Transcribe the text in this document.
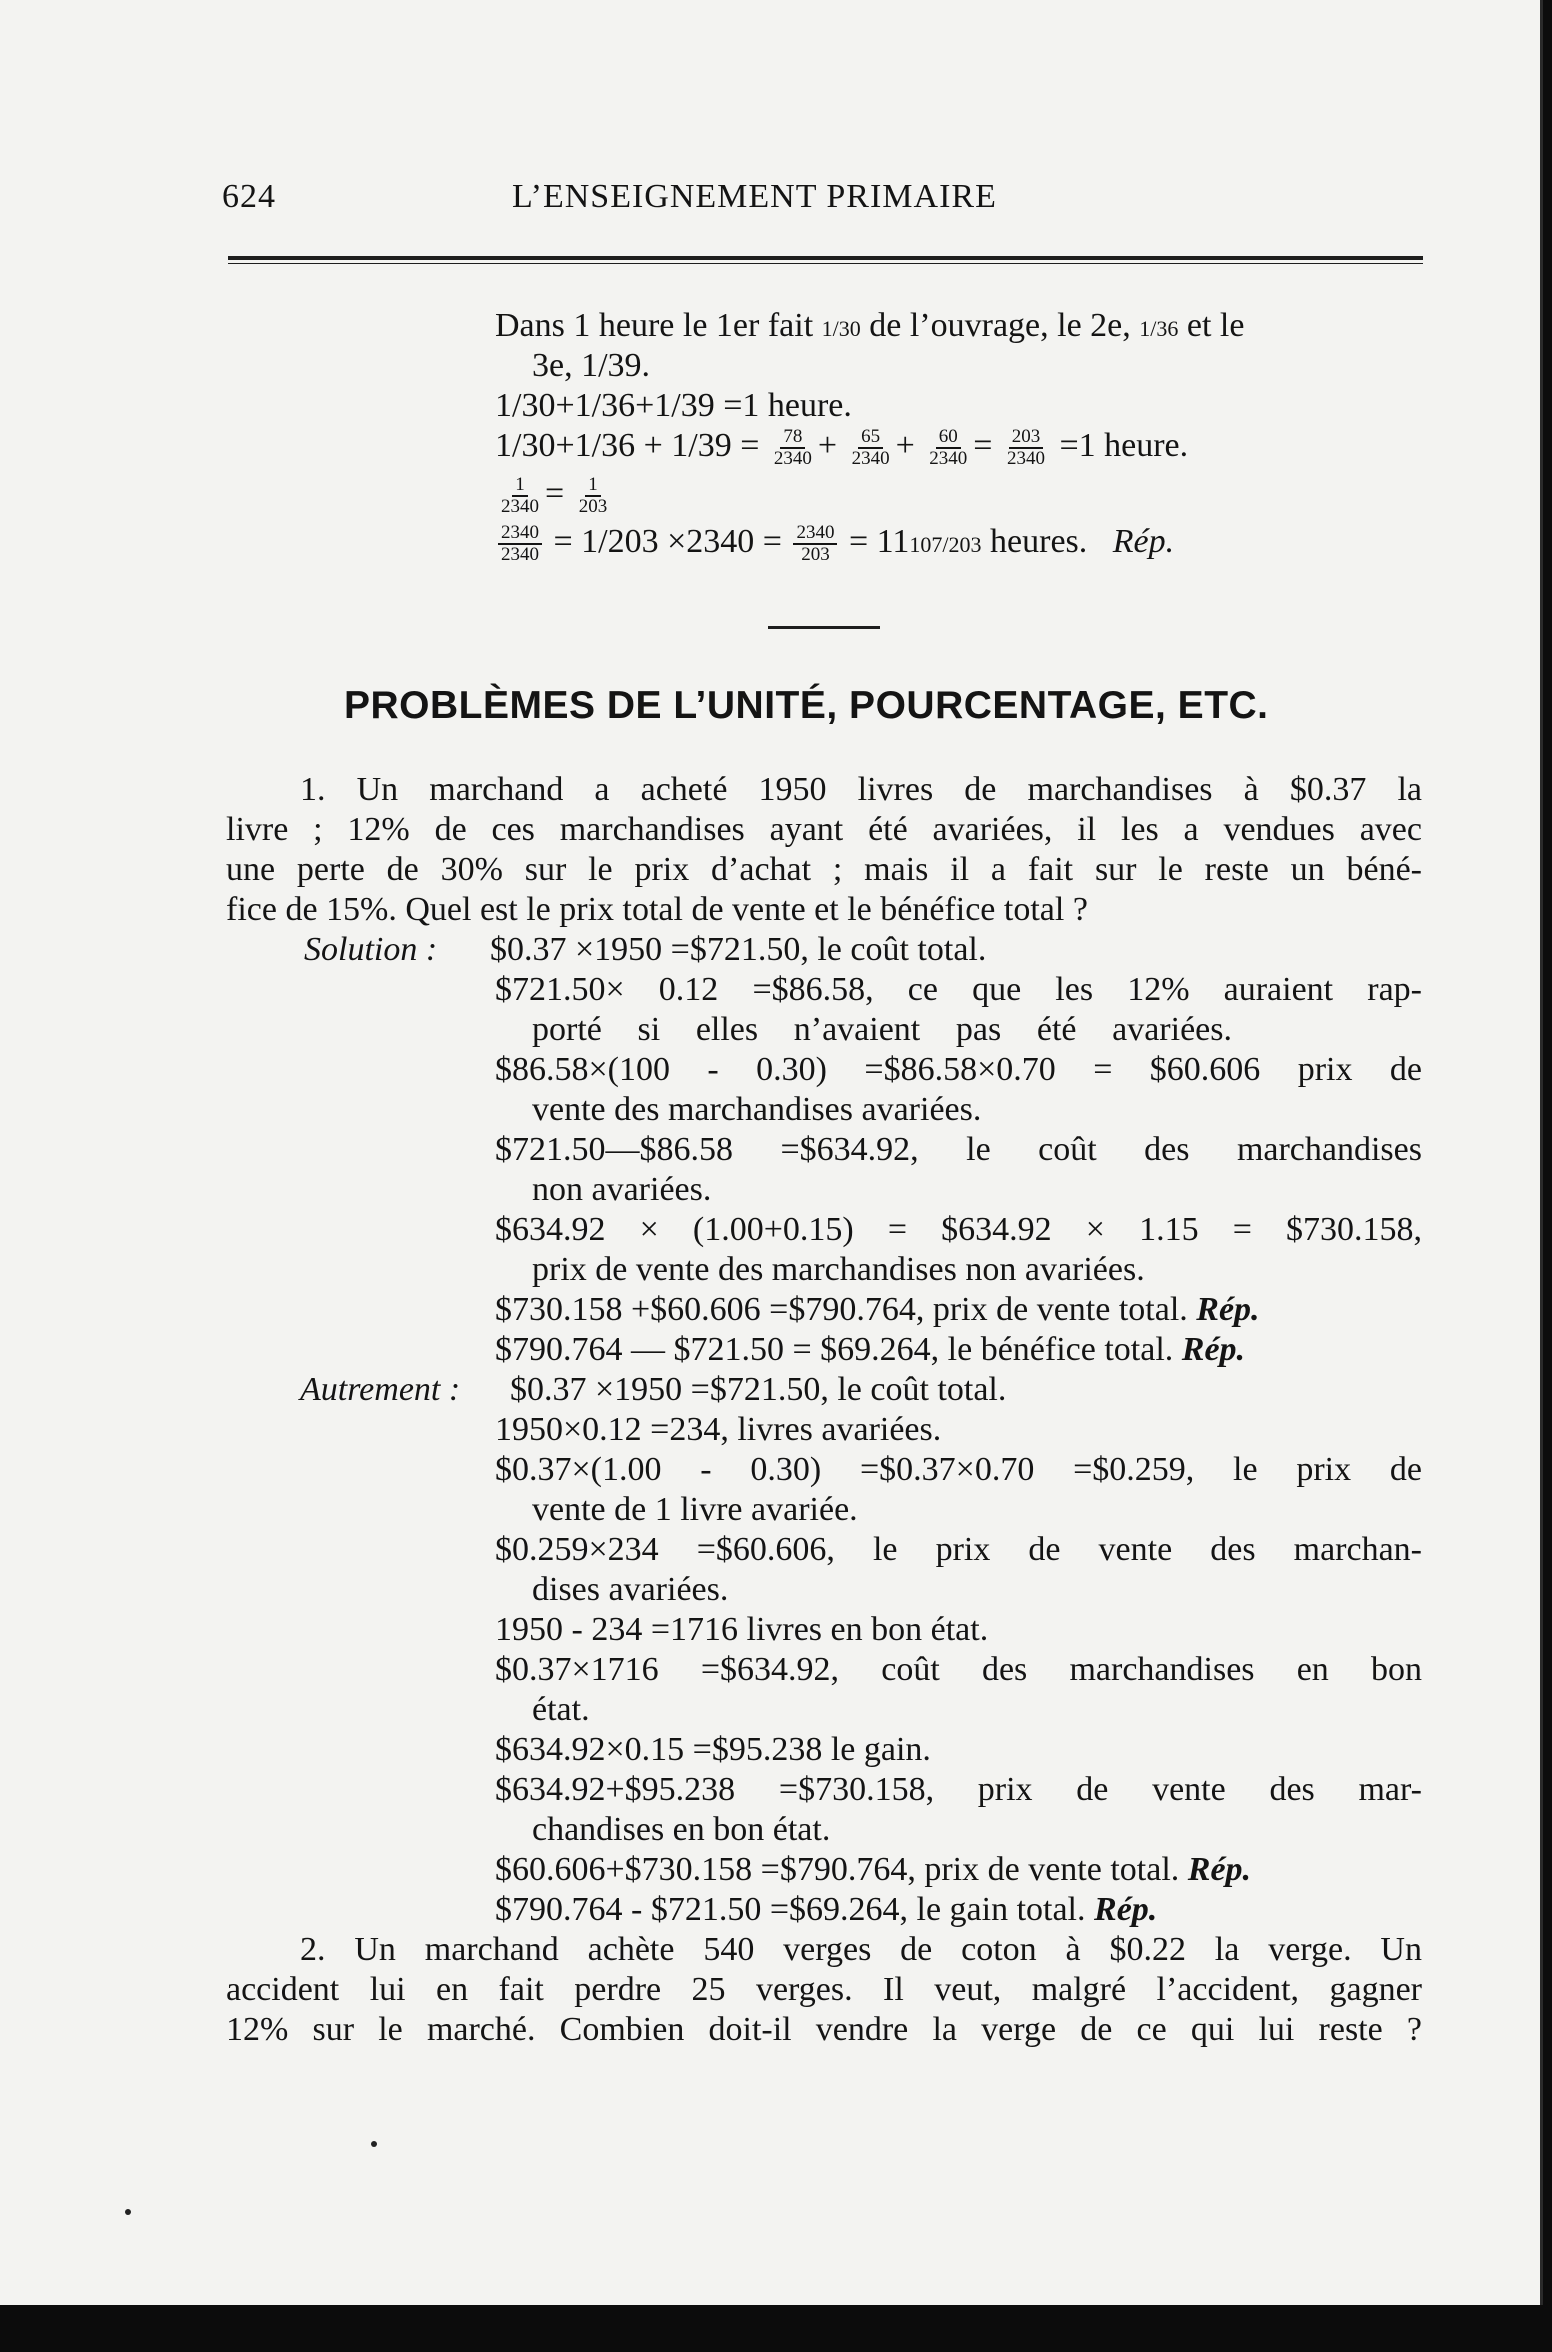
624	L’ENSEIGNEMENT PRIMAIRE
Dans 1 heure le 1er fait 1/30 de l’ouvrage, le 2e, 1/36 et le
3e, 1/39.
1/30+1/36+1/39 =1 heure.
$1/30+1/36 + 1/39 = \frac{78}{2340} + \frac{65}{2340} + \frac{60}{2340} = \frac{203}{2340} =1$ heure.
$\frac{1}{2340} = \frac{1}{203}$
$\frac{2340}{2340} = 1/203 \times 2340 = \frac{2340}{203} = 11107/203$ heures. Rép.
PROBLÈMES DE L’UNITÉ, POURCENTAGE, ETC.
1. Un marchand a acheté 1950 livres de marchandises à $0.37 la
livre ; 12% de ces marchandises ayant été avariées, il les a vendues avec
une perte de 30% sur le prix d’achat ; mais il a fait sur le reste un béné-
fice de 15%. Quel est le prix total de vente et le bénéfice total ?
Solution : $0.37 ×1950 =$721.50, le coût total.
$721.50× 0.12 =$86.58, ce que les 12% auraient rap-
porté si elles n’avaient pas été avariées.
$86.58×(100 - 0.30) =$86.58×0.70 = $60.606 prix de
vente des marchandises avariées.
$721.50—$86.58 =$634.92, le coût des marchandises
non avariées.
$634.92 × (1.00+0.15) = $634.92 × 1.15 = $730.158,
prix de vente des marchandises non avariées.
$730.158 +$60.606 =$790.764, prix de vente total. Rép.
$790.764 — $721.50 = $69.264, le bénéfice total. Rép.
Autrement : $0.37 ×1950 =$721.50, le coût total.
1950×0.12 =234, livres avariées.
$0.37×(1.00 - 0.30) =$0.37×0.70 =$0.259, le prix de
vente de 1 livre avariée.
$0.259×234 =$60.606, le prix de vente des marchan-
dises avariées.
1950 - 234 =1716 livres en bon état.
$0.37×1716 =$634.92, coût des marchandises en bon
état.
$634.92×0.15 =$95.238 le gain.
$634.92+$95.238 =$730.158, prix de vente des mar-
chandises en bon état.
$60.606+$730.158 =$790.764, prix de vente total. Rép.
$790.764 - $721.50 =$69.264, le gain total. Rép.
2. Un marchand achète 540 verges de coton à $0.22 la verge. Un
accident lui en fait perdre 25 verges. Il veut, malgré l’accident, gagner
12% sur le marché. Combien doit-il vendre la verge de ce qui lui reste ?
